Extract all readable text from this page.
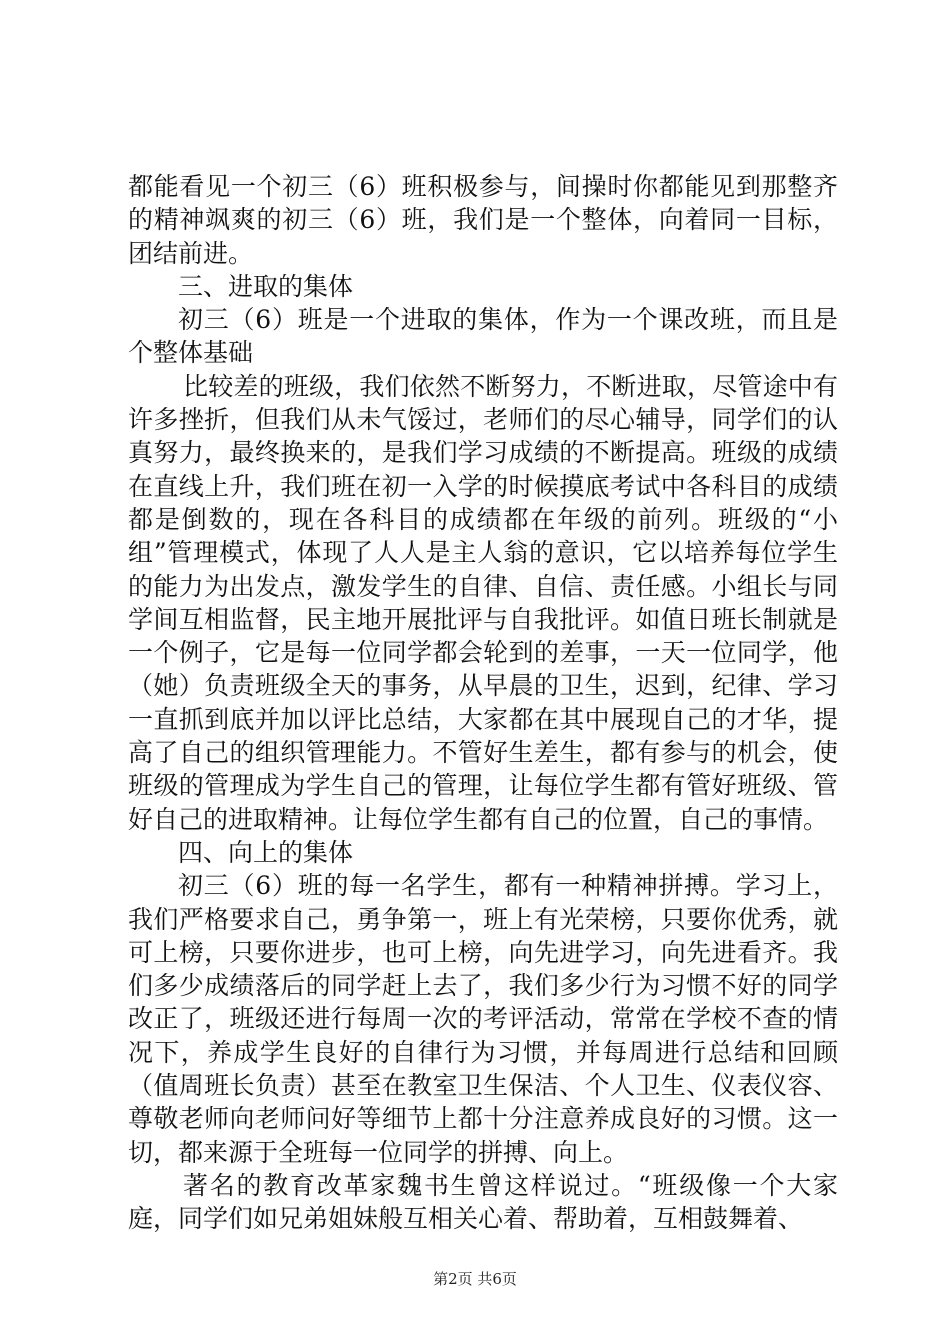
都能看见一个初三（6）班积极参与，间操时你都能见到那整齐的精神飒爽的初三（6）班，我们是一个整体，向着同一目标，团结前进。

三、进取的集体

初三（6）班是一个进取的集体，作为一个课改班，而且是个整体基础

比较差的班级，我们依然不断努力，不断进取，尽管途中有许多挫折，但我们从未气馁过，老师们的尽心辅导，同学们的认真努力，最终换来的，是我们学习成绩的不断提高。班级的成绩在直线上升，我们班在初一入学的时候摸底考试中各科目的成绩都是倒数的，现在各科目的成绩都在年级的前列。班级的“小组”管理模式，体现了人人是主人翁的意识，它以培养每位学生的能力为出发点，激发学生的自律、自信、责任感。小组长与同学间互相监督，民主地开展批评与自我批评。如值日班长制就是一个例子，它是每一位同学都会轮到的差事，一天一位同学，他（她）负责班级全天的事务，从早晨的卫生，迟到，纪律、学习一直抓到底并加以评比总结，大家都在其中展现自己的才华，提高了自己的组织管理能力。不管好生差生，都有参与的机会，使班级的管理成为学生自己的管理，让每位学生都有管好班级、管好自己的进取精神。让每位学生都有自己的位置，自己的事情。

四、向上的集体

初三（6）班的每一名学生，都有一种精神拼搏。学习上，我们严格要求自己，勇争第一，班上有光荣榜，只要你优秀，就可上榜，只要你进步，也可上榜，向先进学习，向先进看齐。我们多少成绩落后的同学赶上去了，我们多少行为习惯不好的同学改正了，班级还进行每周一次的考评活动，常常在学校不查的情况下，养成学生良好的自律行为习惯，并每周进行总结和回顾（值周班长负责）甚至在教室卫生保洁、个人卫生、仪表仪容、尊敬老师向老师问好等细节上都十分注意养成良好的习惯。这一切，都来源于全班每一位同学的拼搏、向上。

著名的教育改革家魏书生曾这样说过。“班级像一个大家庭，同学们如兄弟姐妹般互相关心着、帮助着，互相鼓舞着、

第2页 共6页
